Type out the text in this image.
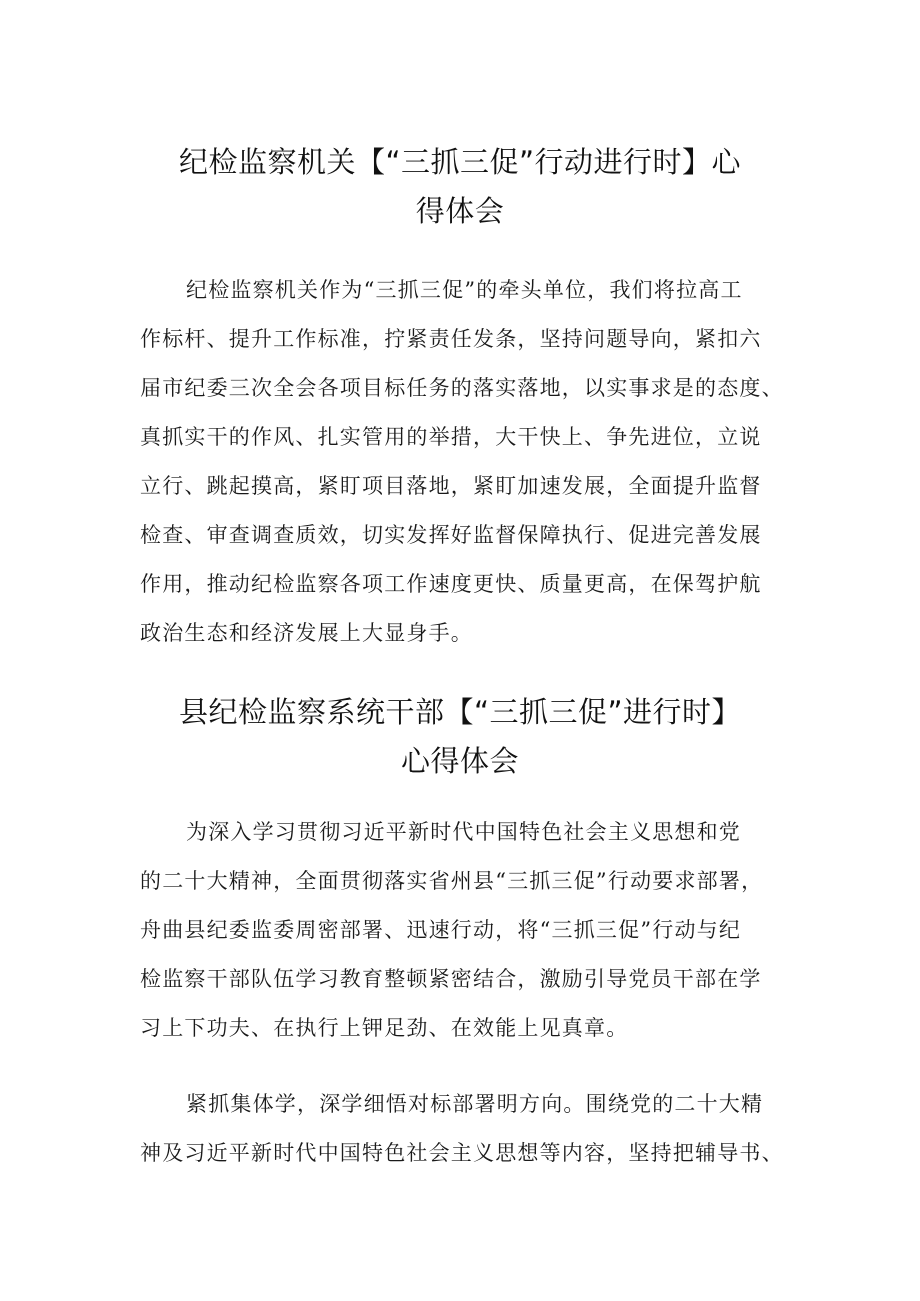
纪检监察机关【“三抓三促”行动进行时】心
得体会
纪检监察机关作为“三抓三促”的牵头单位，我们将拉高工
作标杆、提升工作标准，拧紧责任发条，坚持问题导向，紧扣六
届市纪委三次全会各项目标任务的落实落地，以实事求是的态度、
真抓实干的作风、扎实管用的举措，大干快上、争先进位，立说
立行、跳起摸高，紧盯项目落地，紧盯加速发展，全面提升监督
检查、审查调查质效，切实发挥好监督保障执行、促进完善发展
作用，推动纪检监察各项工作速度更快、质量更高，在保驾护航
政治生态和经济发展上大显身手。
县纪检监察系统干部【“三抓三促”进行时】
心得体会
为深入学习贯彻习近平新时代中国特色社会主义思想和党
的二十大精神，全面贯彻落实省州县“三抓三促”行动要求部署，
舟曲县纪委监委周密部署、迅速行动，将“三抓三促”行动与纪
检监察干部队伍学习教育整顿紧密结合，激励引导党员干部在学
习上下功夫、在执行上钾足劲、在效能上见真章。
紧抓集体学，深学细悟对标部署明方向。围绕党的二十大精
神及习近平新时代中国特色社会主义思想等内容，坚持把辅导书、
